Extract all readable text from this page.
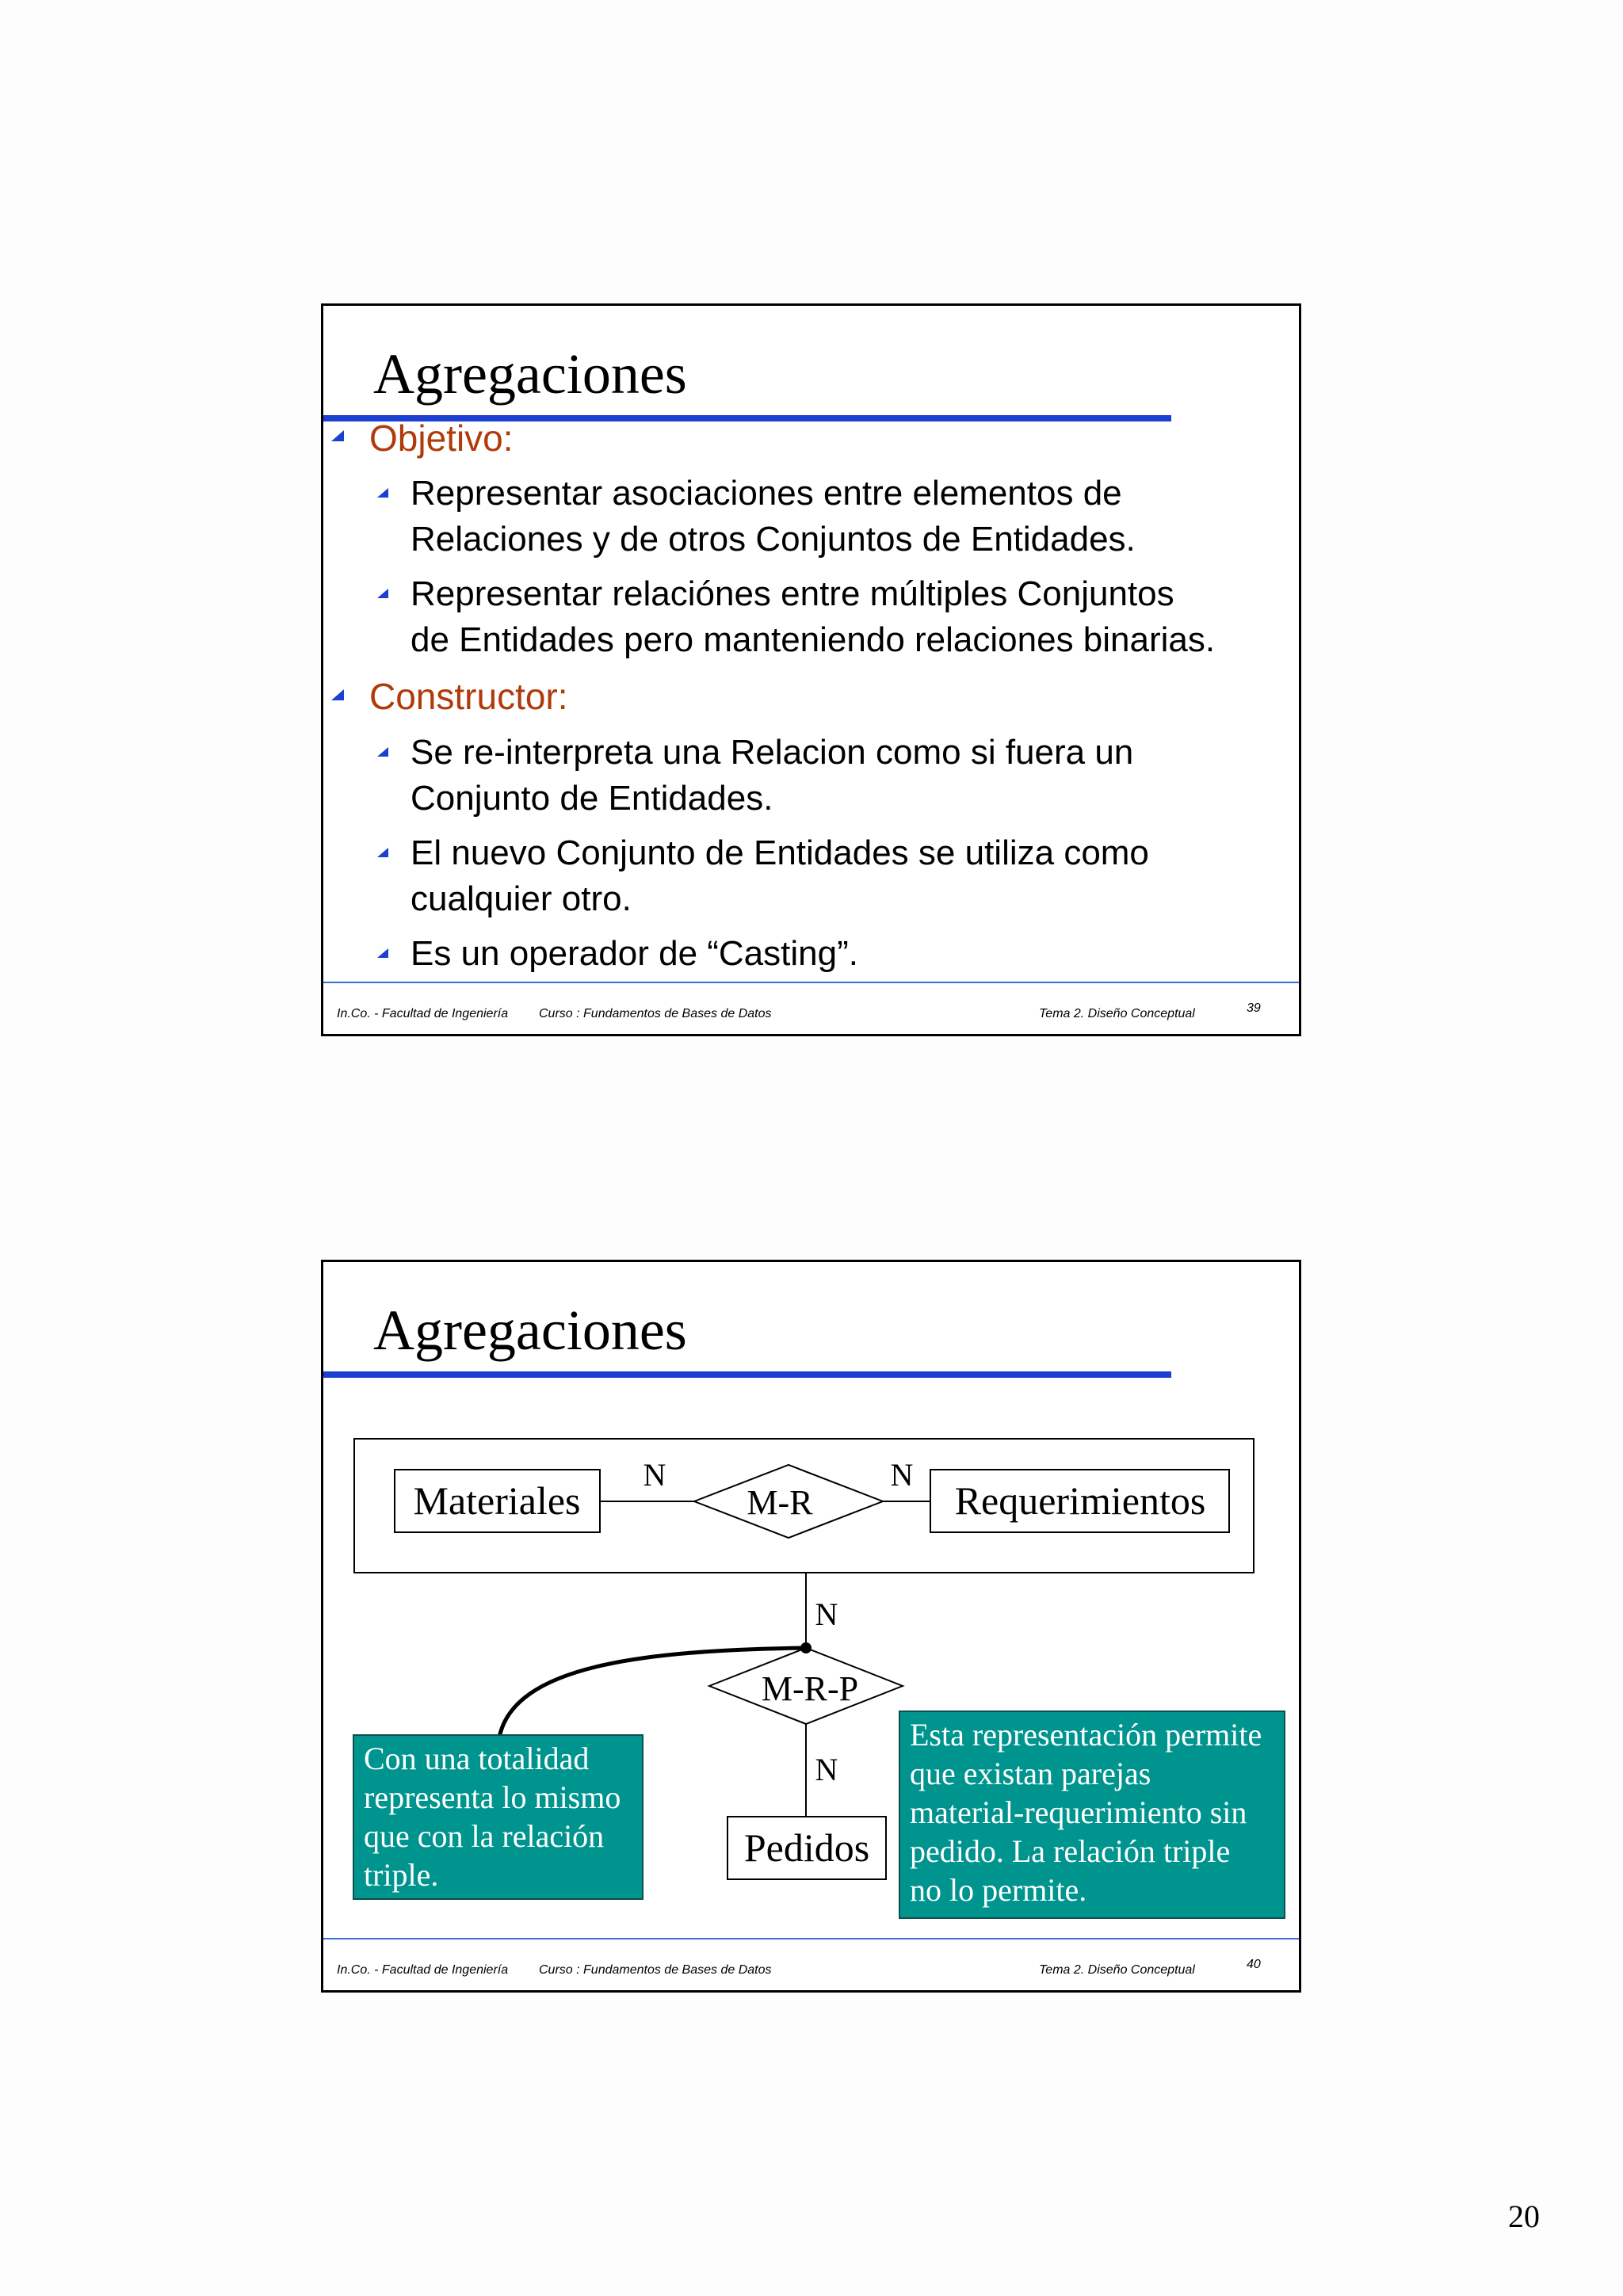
Agregaciones
Objetivo:
Representar asociaciones entre elementos de
Relaciones y de otros Conjuntos de Entidades.
Representar relaciónes entre múltiples Conjuntos
de Entidades pero manteniendo relaciones binarias.
Constructor:
Se re-interpreta una Relacion como si fuera un
Conjunto de Entidades.
El nuevo Conjunto de Entidades se utiliza como
cualquier otro.
Es un operador de “Casting”.
In.Co. - Facultad de Ingeniería Curso : Fundamentos de Bases de Datos	Tema 2. Diseño Conceptual	39
Agregaciones
Materiales
N
M-R
N
Requerimientos
N
M-R-P
N
Pedidos
Con una totalidad
representa lo mismo
que con la relación
triple.
Esta representación permite
que existan parejas
material-requerimiento sin
pedido. La relación triple
no lo permite.
In.Co. - Facultad de Ingeniería Curso : Fundamentos de Bases de Datos	Tema 2. Diseño Conceptual	40
20
